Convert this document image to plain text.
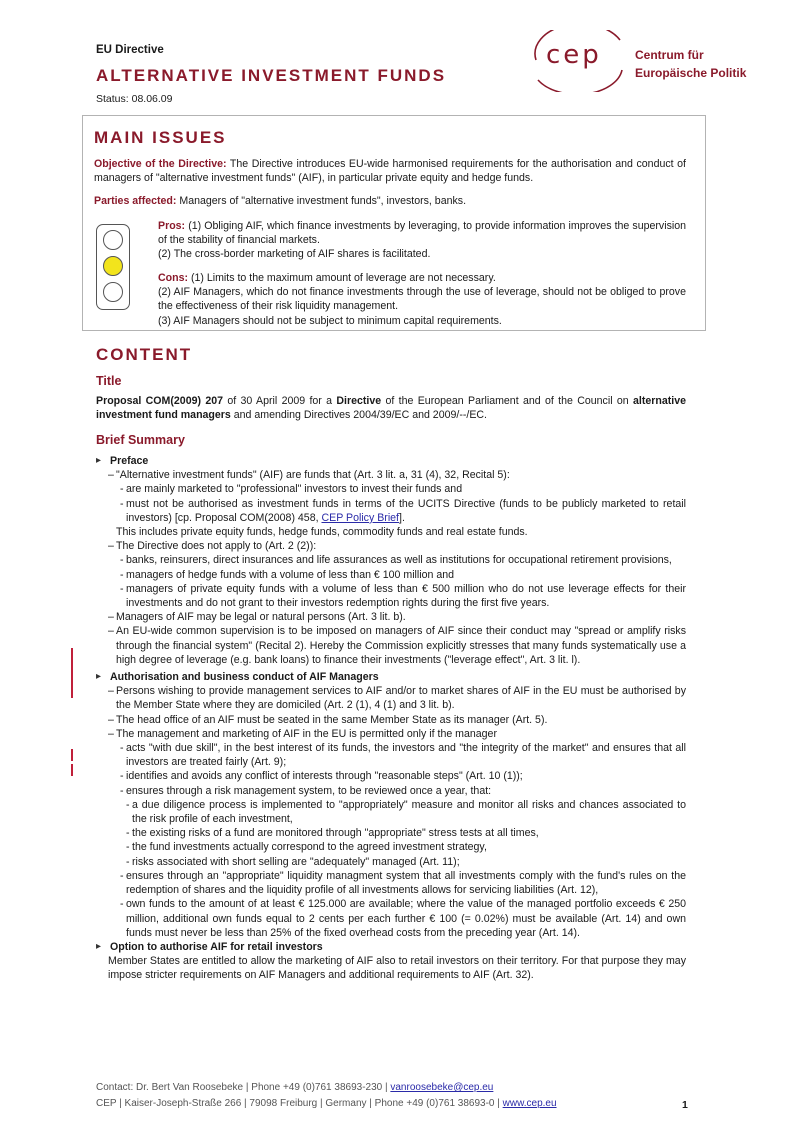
EU Directive
ALTERNATIVE INVESTMENT FUNDS
Status: 08.06.09
cep	Centrum für
Europäische Politik
MAIN ISSUES
Objective of the Directive: The Directive introduces EU-wide harmonised requirements for the authorisation and conduct of managers of "alternative investment funds" (AIF), in particular private equity and hedge funds.
Parties affected: Managers of "alternative investment funds", investors, banks.
Pros: (1) Obliging AIF, which finance investments by leveraging, to provide information improves the supervision of the stability of financial markets.
(2) The cross-border marketing of AIF shares is facilitated.
Cons: (1) Limits to the maximum amount of leverage are not necessary.
(2) AIF Managers, which do not finance investments through the use of leverage, should not be obliged to prove the effectiveness of their risk liquidity management.
(3) AIF Managers should not be subject to minimum capital requirements.
CONTENT
Title
Proposal COM(2009) 207 of 30 April 2009 for a Directive of the European Parliament and of the Council on alternative investment fund managers and amending Directives 2004/39/EC and 2009/--/EC.
Brief Summary
▸ Preface
– "Alternative investment funds" (AIF) are funds that (Art. 3 lit. a, 31 (4), 32, Recital 5):
- are mainly marketed to "professional" investors to invest their funds and
- must not be authorised as investment funds in terms of the UCITS Directive (funds to be publicly marketed to retail investors) [cp. Proposal COM(2008) 458, CEP Policy Brief].
This includes private equity funds, hedge funds, commodity funds and real estate funds.
– The Directive does not apply to (Art. 2 (2)):
- banks, reinsurers, direct insurances and life assurances as well as institutions for occupational retirement provisions,
- managers of hedge funds with a volume of less than € 100 million and
- managers of private equity funds with a volume of less than € 500 million who do not use leverage effects for their investments and do not grant to their investors redemption rights during the first five years.
– Managers of AIF may be legal or natural persons (Art. 3 lit. b).
– An EU-wide common supervision is to be imposed on managers of AIF since their conduct may "spread or amplify risks through the financial system" (Recital 2). Hereby the Commission explicitly stresses that many funds systematically use a high degree of leverage (e.g. bank loans) to finance their investments ("leverage effect", Art. 3 lit. l).
▸ Authorisation and business conduct of AIF Managers
– Persons wishing to provide management services to AIF and/or to market shares of AIF in the EU must be authorised by the Member State where they are domiciled (Art. 2 (1), 4 (1) and 3 lit. b).
– The head office of an AIF must be seated in the same Member State as its manager (Art. 5).
– The management and marketing of AIF in the EU is permitted only if the manager
- acts "with due skill", in the best interest of its funds, the investors and "the integrity of the market" and ensures that all investors are treated fairly (Art. 9);
- identifies and avoids any conflict of interests through "reasonable steps" (Art. 10 (1));
- ensures through a risk management system, to be reviewed once a year, that:
- a due diligence process is implemented to "appropriately" measure and monitor all risks and chances associated to the risk profile of each investment,
- the existing risks of a fund are monitored through "appropriate" stress tests at all times,
- the fund investments actually correspond to the agreed investment strategy,
- risks associated with short selling are "adequately" managed (Art. 11);
- ensures through an "appropriate" liquidity managment system that all investments comply with the fund's rules on the redemption of shares and the liquidity profile of all investments allows for servicing liabilities (Art. 12),
- own funds to the amount of at least € 125.000 are available; where the value of the managed portfolio exceeds € 250 million, additional own funds equal to 2 cents per each further € 100 (= 0.02%) must be available (Art. 14) and own funds must never be less than 25% of the fixed overhead costs from the preceding year (Art. 14).
▸ Option to authorise AIF for retail investors
Member States are entitled to allow the marketing of AIF also to retail investors on their territory. For that purpose they may impose stricter requirements on AIF Managers and additional requirements to AIF (Art. 32).
Contact: Dr. Bert Van Roosebeke | Phone +49 (0)761 38693-230 | vanroosebeke@cep.eu
CEP | Kaiser-Joseph-Straße 266 | 79098 Freiburg | Germany | Phone +49 (0)761 38693-0 | www.cep.eu	1
